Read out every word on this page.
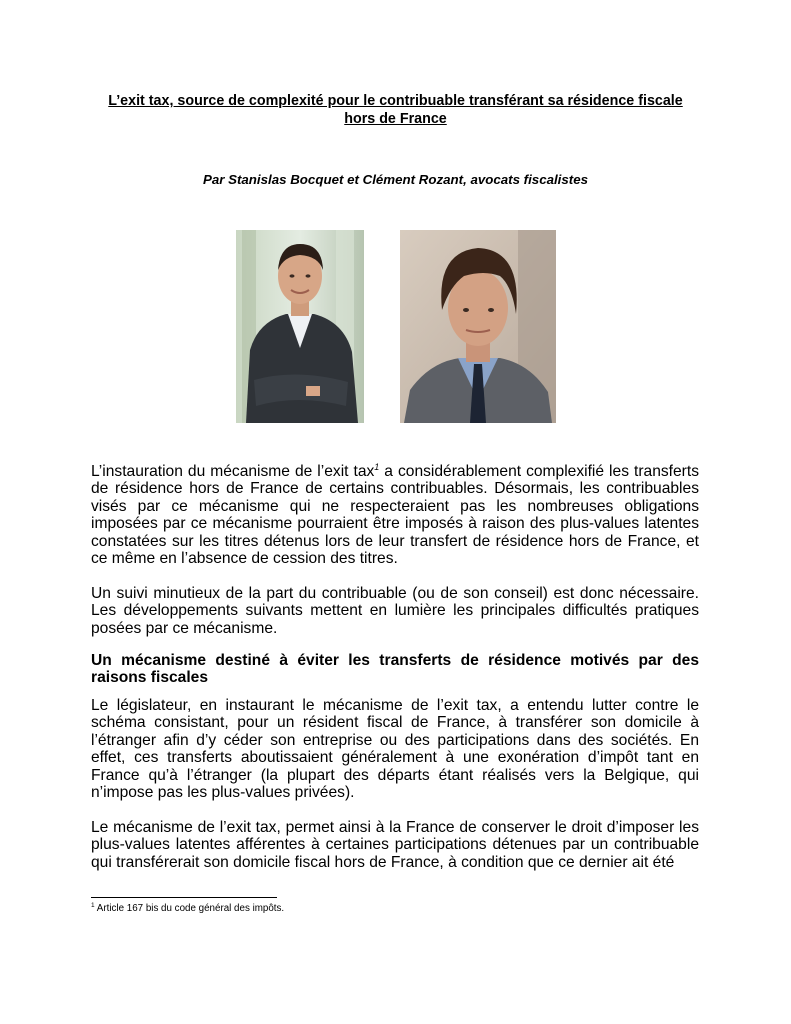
L’exit tax, source de complexité pour le contribuable transférant sa résidence fiscale hors de France
Par Stanislas Bocquet et Clément Rozant, avocats fiscalistes

L’instauration du mécanisme de l’exit tax$^1$ a considérablement complexifié les transferts de résidence hors de France de certains contribuables. Désormais, les contribuables visés par ce mécanisme qui ne respecteraient pas les nombreuses obligations imposées par ce mécanisme pourraient être imposés à raison des plus-values latentes constatées sur les titres détenus lors de leur transfert de résidence hors de France, et ce même en l’absence de cession des titres.

Un suivi minutieux de la part du contribuable (ou de son conseil) est donc nécessaire. Les développements suivants mettent en lumière les principales difficultés pratiques posées par ce mécanisme.

Un mécanisme destiné à éviter les transferts de résidence motivés par des raisons fiscales

Le législateur, en instaurant le mécanisme de l’exit tax, a entendu lutter contre le schéma consistant, pour un résident fiscal de France, à transférer son domicile à l’étranger afin d’y céder son entreprise ou des participations dans des sociétés. En effet, ces transferts aboutissaient généralement à une exonération d’impôt tant en France qu’à l’étranger (la plupart des départs étant réalisés vers la Belgique, qui n’impose pas les plus-values privées).

Le mécanisme de l’exit tax, permet ainsi à la France de conserver le droit d’imposer les plus-values latentes afférentes à certaines participations détenues par un contribuable qui transférerait son domicile fiscal hors de France, à condition que ce dernier ait été

$^1$ Article 167 bis du code général des impôts.
